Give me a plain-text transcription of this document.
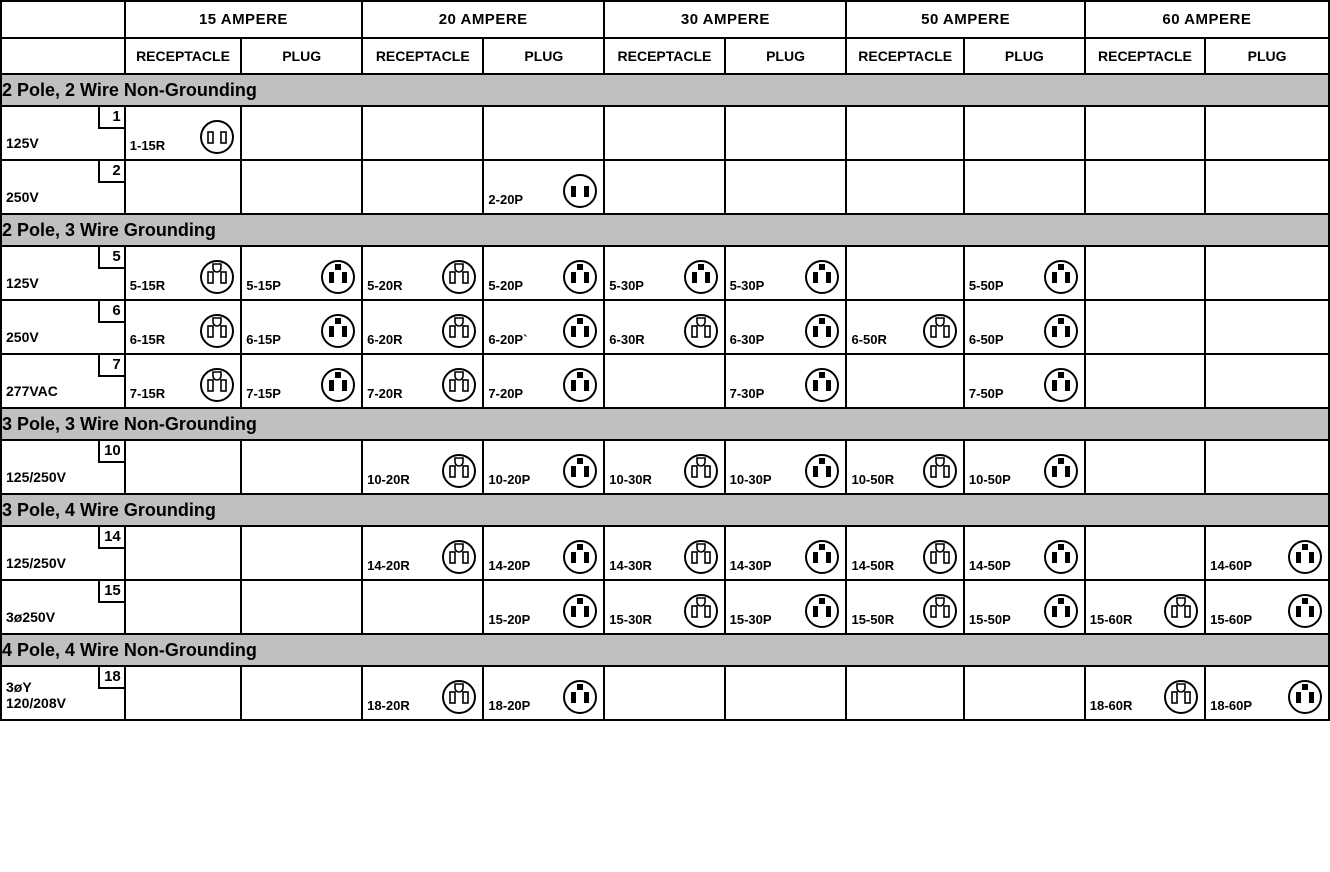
	15 AMPERE		20 AMPERE		30 AMPERE		50 AMPERE		60 AMPERE	
	RECEPTACLE	PLUG	RECEPTACLE	PLUG	RECEPTACLE	PLUG	RECEPTACLE	PLUG	RECEPTACLE	PLUG
2 Pole, 2 Wire Non-Grounding										

1
125V	1-15R									

2
250V				2-20P						

2 Pole, 3 Wire Grounding										

5
125V	5-15R	5-15P	5-20R	5-20P	5-30P	5-30P		5-50P		

6
250V	6-15R	6-15P	6-20R	6-20P`	6-30R	6-30P	6-50R	6-50P		

7
277VAC	7-15R	7-15P	7-20R	7-20P		7-30P		7-50P		

3 Pole, 3 Wire Non-Grounding										

10
125/250V			10-20R	10-20P	10-30R	10-30P	10-50R	10-50P		

3 Pole, 4 Wire Grounding										

14
125/250V			14-20R	14-20P	14-30R	14-30P	14-50R	14-50P		14-60P

15
3ø250V				15-20P	15-30R	15-30P	15-50R	15-50P	15-60R	15-60P

4 Pole, 4 Wire Non-Grounding										

18
3øY
120/208V			18-20R	18-20P					18-60R	18-60P
